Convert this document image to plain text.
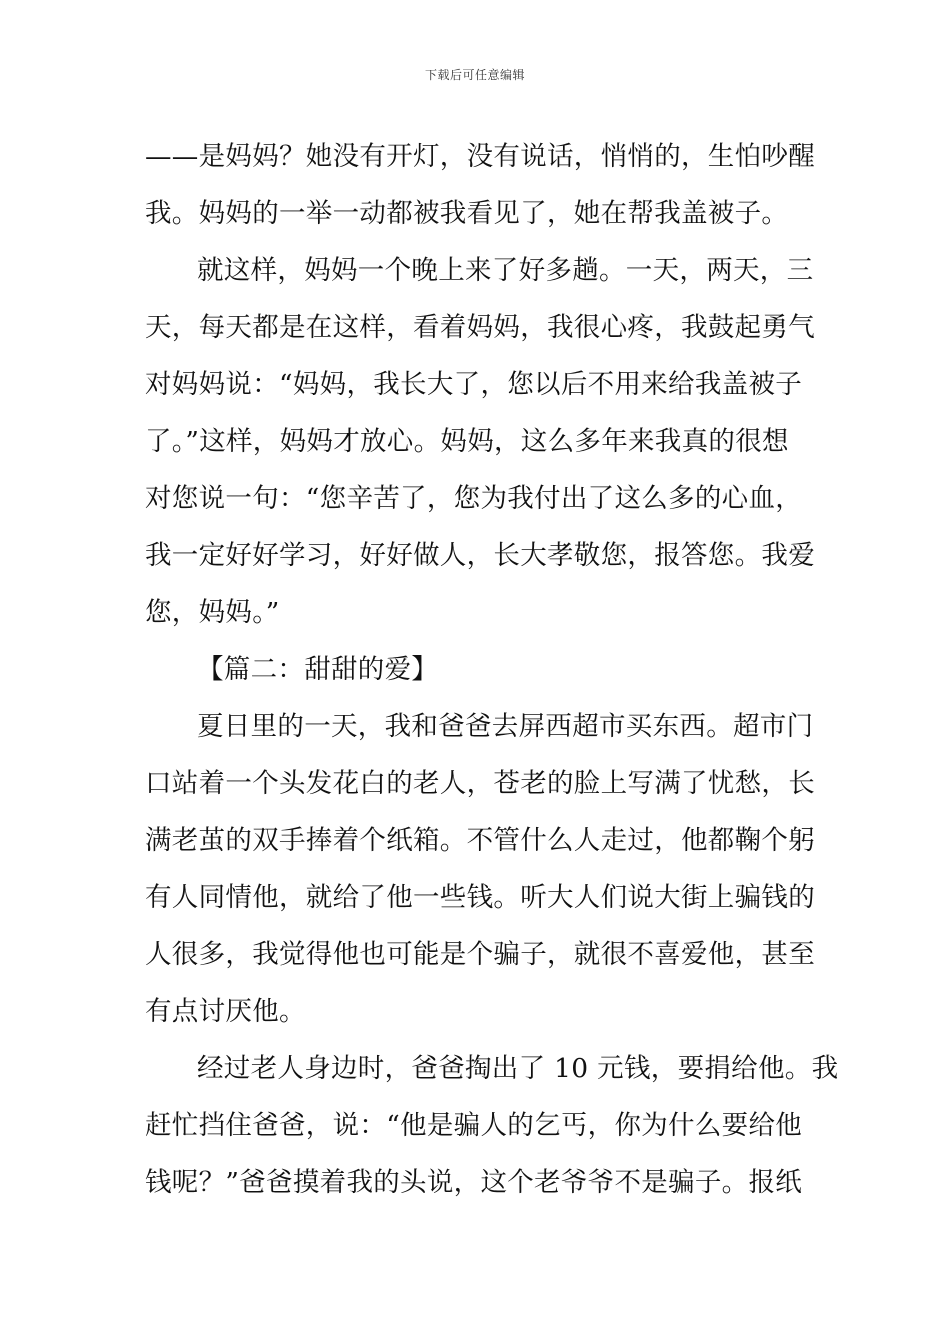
下载后可任意编辑
——是妈妈？她没有开灯，没有说话，悄悄的，生怕吵醒
我。妈妈的一举一动都被我看见了，她在帮我盖被子。
就这样，妈妈一个晚上来了好多趟。一天，两天，三
天，每天都是在这样，看着妈妈，我很心疼，我鼓起勇气
对妈妈说：“妈妈，我长大了，您以后不用来给我盖被子
了。”这样，妈妈才放心。妈妈，这么多年来我真的很想
对您说一句：“您辛苦了，您为我付出了这么多的心血，
我一定好好学习，好好做人，长大孝敬您，报答您。我爱
您，妈妈。”
【篇二：甜甜的爱】
夏日里的一天，我和爸爸去屏西超市买东西。超市门
口站着一个头发花白的老人，苍老的脸上写满了忧愁，长
满老茧的双手捧着个纸箱。不管什么人走过，他都鞠个躬
有人同情他，就给了他一些钱。听大人们说大街上骗钱的
人很多，我觉得他也可能是个骗子，就很不喜爱他，甚至
有点讨厌他。
经过老人身边时，爸爸掏出了 10 元钱，要捐给他。我
赶忙挡住爸爸，说：“他是骗人的乞丐，你为什么要给他
钱呢？”爸爸摸着我的头说，这个老爷爷不是骗子。报纸
